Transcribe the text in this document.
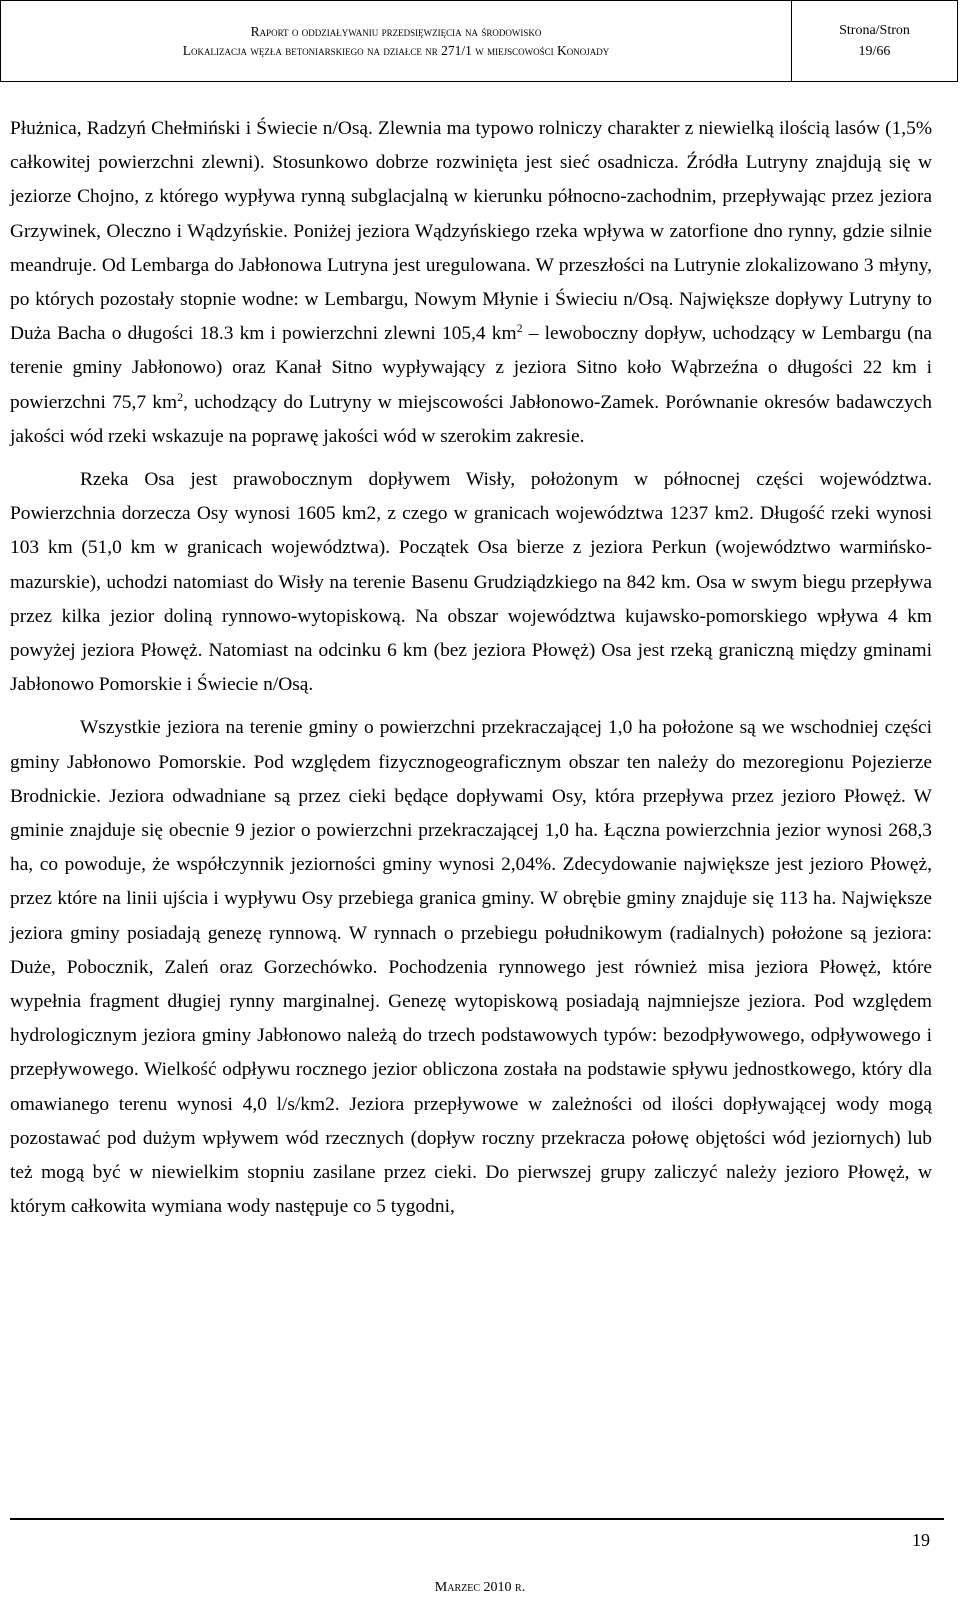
Raport o oddziaływaniu przedsięwzięcia na środowisko
Lokalizacja węzła betoniarskiego na działce nr 271/1 w miejscowości Konojady
Strona/Stron
19/66

Płużnica, Radzyń Chełmiński i Świecie n/Osą. Zlewnia ma typowo rolniczy charakter z niewielką ilością lasów (1,5% całkowitej powierzchni zlewni). Stosunkowo dobrze rozwinięta jest sieć osadnicza. Źródła Lutryny znajdują się w jeziorze Chojno, z którego wypływa rynną subglacjalną w kierunku północno-zachodnim, przepływając przez jeziora Grzywinek, Oleczno i Wądzyńskie. Poniżej jeziora Wądzyńskiego rzeka wpływa w zatorfione dno rynny, gdzie silnie meandruje. Od Lembarga do Jabłonowa Lutryna jest uregulowana. W przeszłości na Lutrynie zlokalizowano 3 młyny, po których pozostały stopnie wodne: w Lembargu, Nowym Młynie i Świeciu n/Osą. Największe dopływy Lutryny to Duża Bacha o długości 18.3 km i powierzchni zlewni 105,4 $km^2$ – lewoboczny dopływ, uchodzący w Lembargu (na terenie gminy Jabłonowo) oraz Kanał Sitno wypływający z jeziora Sitno koło Wąbrzeźna o długości 22 km i powierzchni 75,7 $km^2$, uchodzący do Lutryny w miejscowości Jabłonowo-Zamek. Porównanie okresów badawczych jakości wód rzeki wskazuje na poprawę jakości wód w szerokim zakresie.

Rzeka Osa jest prawobocznym dopływem Wisły, położonym w północnej części województwa. Powierzchnia dorzecza Osy wynosi 1605 km2, z czego w granicach województwa 1237 km2. Długość rzeki wynosi 103 km (51,0 km w granicach województwa). Początek Osa bierze z jeziora Perkun (województwo warmińsko-mazurskie), uchodzi natomiast do Wisły na terenie Basenu Grudziądzkiego na 842 km. Osa w swym biegu przepływa przez kilka jezior doliną rynnowo-wytopiskową. Na obszar województwa kujawsko-pomorskiego wpływa 4 km powyżej jeziora Płowęż. Natomiast na odcinku 6 km (bez jeziora Płowęż) Osa jest rzeką graniczną między gminami Jabłonowo Pomorskie i Świecie n/Osą.

Wszystkie jeziora na terenie gminy o powierzchni przekraczającej 1,0 ha położone są we wschodniej części gminy Jabłonowo Pomorskie. Pod względem fizycznogeograficznym obszar ten należy do mezoregionu Pojezierze Brodnickie. Jeziora odwadniane są przez cieki będące dopływami Osy, która przepływa przez jezioro Płowęż. W gminie znajduje się obecnie 9 jezior o powierzchni przekraczającej 1,0 ha. Łączna powierzchnia jezior wynosi 268,3 ha, co powoduje, że współczynnik jeziorności gminy wynosi 2,04%. Zdecydowanie największe jest jezioro Płowęż, przez które na linii ujścia i wypływu Osy przebiega granica gminy. W obrębie gminy znajduje się 113 ha. Największe jeziora gminy posiadają genezę rynnową. W rynnach o przebiegu południkowym (radialnych) położone są jeziora: Duże, Pobocznik, Zaleń oraz Gorzechówko. Pochodzenia rynnowego jest również misa jeziora Płowęż, które wypełnia fragment długiej rynny marginalnej. Genezę wytopiskową posiadają najmniejsze jeziora. Pod względem hydrologicznym jeziora gminy Jabłonowo należą do trzech podstawowych typów: bezodpływowego, odpływowego i przepływowego. Wielkość odpływu rocznego jezior obliczona została na podstawie spływu jednostkowego, który dla omawianego terenu wynosi 4,0 l/s/km2. Jeziora przepływowe w zależności od ilości dopływającej wody mogą pozostawać pod dużym wpływem wód rzecznych (dopływ roczny przekracza połowę objętości wód jeziornych) lub też mogą być w niewielkim stopniu zasilane przez cieki. Do pierwszej grupy zaliczyć należy jezioro Płowęż, w którym całkowita wymiana wody następuje co 5 tygodni,

19
Marzec 2010 r.
